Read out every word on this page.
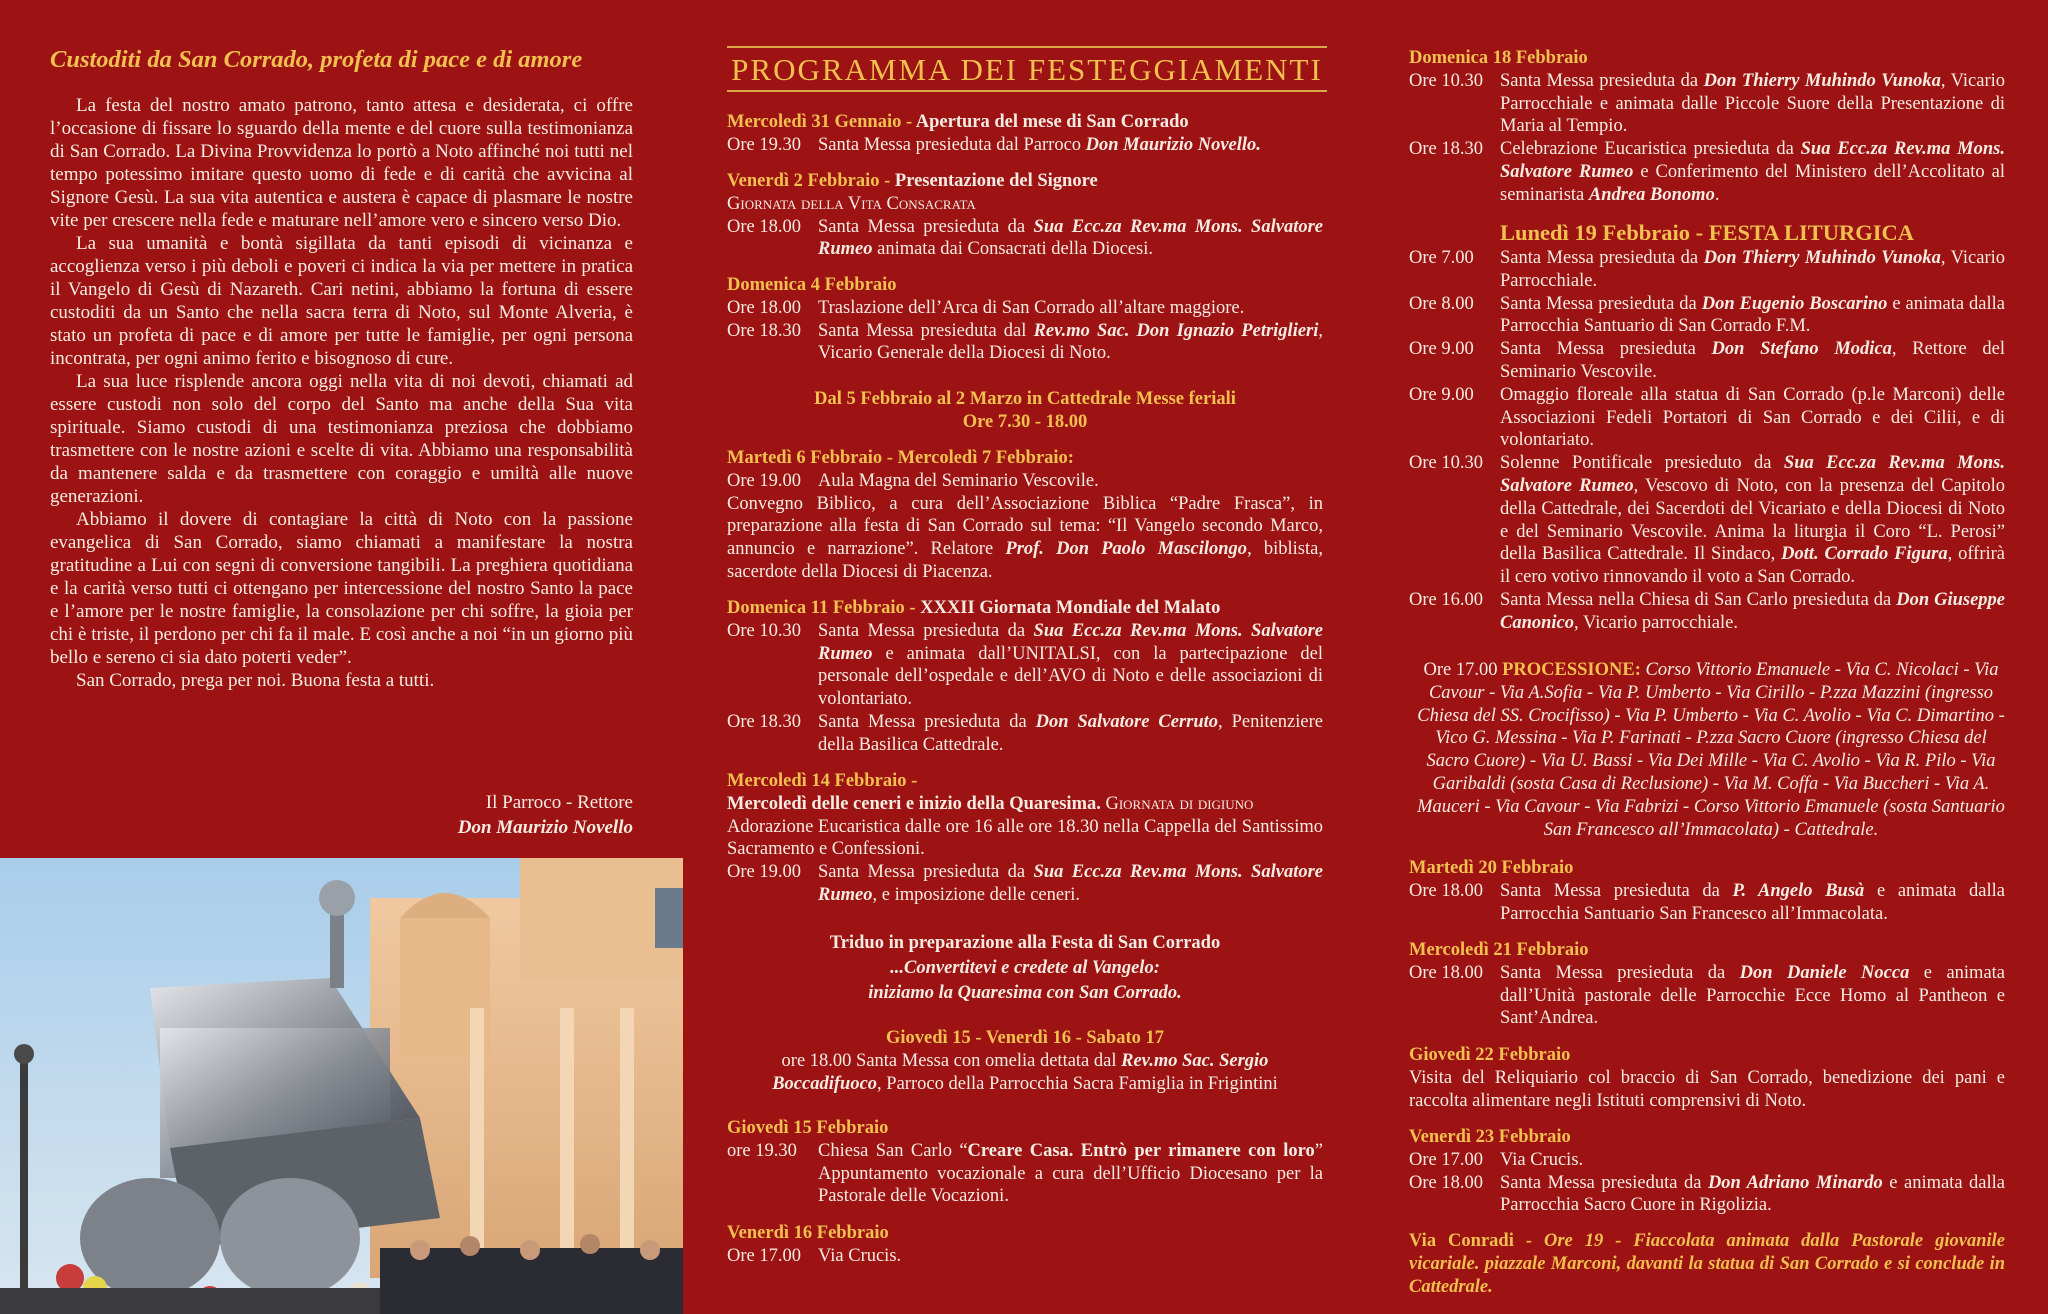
Custoditi da San Corrado, profeta di pace e di amore

La festa del nostro amato patrono, tanto attesa e desiderata, ci offre l’occasione di fissare lo sguardo della mente e del cuore sulla testimonianza di San Corrado. La Divina Provvidenza lo portò a Noto affinché noi tutti nel tempo potessimo imitare questo uomo di fede e di carità che avvicina al Signore Gesù. La sua vita autentica e austera è capace di plasmare le nostre vite per crescere nella fede e maturare nell’amore vero e sincero verso Dio.

La sua umanità e bontà sigillata da tanti episodi di vicinanza e accoglienza verso i più deboli e poveri ci indica la via per mettere in pratica il Vangelo di Gesù di Nazareth. Cari netini, abbiamo la fortuna di essere custoditi da un Santo che nella sacra terra di Noto, sul Monte Alveria, è stato un profeta di pace e di amore per tutte le famiglie, per ogni persona incontrata, per ogni animo ferito e bisognoso di cure.

La sua luce risplende ancora oggi nella vita di noi devoti, chiamati ad essere custodi non solo del corpo del Santo ma anche della Sua vita spirituale. Siamo custodi di una testimonianza preziosa che dobbiamo trasmettere con le nostre azioni e scelte di vita. Abbiamo una responsabilità da mantenere salda e da trasmettere con coraggio e umiltà alle nuove generazioni.

Abbiamo il dovere di contagiare la città di Noto con la passione evangelica di San Corrado, siamo chiamati a manifestare la nostra gratitudine a Lui con segni di conversione tangibili. La preghiera quotidiana e la carità verso tutti ci ottengano per intercessione del nostro Santo la pace e l’amore per le nostre famiglie, la consolazione per chi soffre, la gioia per chi è triste, il perdono per chi fa il male. E così anche a noi “in un giorno più bello e sereno ci sia dato poterti veder”.

San Corrado, prega per noi. Buona festa a tutti.

Il Parroco - Rettore
Don Maurizio Novello
PROGRAMMA DEI FESTEGGIAMENTI
Mercoledì 31 Gennaio - Apertura del mese di San Corrado
Ore 19.30 Santa Messa presieduta dal Parroco Don Maurizio Novello.
Venerdì 2 Febbraio - Presentazione del Signore
Giornata della Vita Consacrata
Ore 18.00 Santa Messa presieduta da Sua Ecc.za Rev.ma Mons. Salvatore Rumeo animata dai Consacrati della Diocesi.
Domenica 4 Febbraio
Ore 18.00 Traslazione dell’Arca di San Corrado all’altare maggiore.
Ore 18.30 Santa Messa presieduta dal Rev.mo Sac. Don Ignazio Petriglieri, Vicario Generale della Diocesi di Noto.
Dal 5 Febbraio al 2 Marzo in Cattedrale Messe feriali
Ore 7.30 - 18.00
Martedì 6 Febbraio - Mercoledì 7 Febbraio:
Ore 19.00 Aula Magna del Seminario Vescovile.
Convegno Biblico, a cura dell’Associazione Biblica “Padre Frasca”, in preparazione alla festa di San Corrado sul tema: “Il Vangelo secondo Marco, annuncio e narrazione”. Relatore Prof. Don Paolo Mascilongo, biblista, sacerdote della Diocesi di Piacenza.
Domenica 11 Febbraio - XXXII Giornata Mondiale del Malato
Ore 10.30 Santa Messa presieduta da Sua Ecc.za Rev.ma Mons. Salvatore Rumeo e animata dall’UNITALSI, con la partecipazione del personale dell’ospedale e dell’AVO di Noto e delle associazioni di volontariato.
Ore 18.30 Santa Messa presieduta da Don Salvatore Cerruto, Penitenziere della Basilica Cattedrale.
Mercoledì 14 Febbraio -
Mercoledì delle ceneri e inizio della Quaresima. Giornata di digiuno
Adorazione Eucaristica dalle ore 16 alle ore 18.30 nella Cappella del Santissimo Sacramento e Confessioni.
Ore 19.00 Santa Messa presieduta da Sua Ecc.za Rev.ma Mons. Salvatore Rumeo, e imposizione delle ceneri.
Triduo in preparazione alla Festa di San Corrado
...Convertitevi e credete al Vangelo:
iniziamo la Quaresima con San Corrado.
Giovedì 15 - Venerdì 16 - Sabato 17
ore 18.00 Santa Messa con omelia dettata dal Rev.mo Sac. Sergio Boccadifuoco, Parroco della Parrocchia Sacra Famiglia in Frigintini
Giovedì 15 Febbraio
ore 19.30	Chiesa San Carlo “Creare Casa. Entrò per rimanere con loro” Appuntamento vocazionale a cura dell’Ufficio Diocesano per la Pastorale delle Vocazioni.
Venerdì 16 Febbraio
Ore 17.00 Via Crucis.
Domenica 18 Febbraio
Ore 10.30 Santa Messa presieduta da Don Thierry Muhindo Vunoka, Vicario Parrocchiale e animata dalle Piccole Suore della Presentazione di Maria al Tempio.
Ore 18.30 Celebrazione Eucaristica presieduta da Sua Ecc.za Rev.ma Mons. Salvatore Rumeo e Conferimento del Ministero dell’Accolitato al seminarista Andrea Bonomo.
Lunedì 19 Febbraio - FESTA LITURGICA
Ore 7.00	Santa Messa presieduta da Don Thierry Muhindo Vunoka, Vicario Parrocchiale.
Ore 8.00	Santa Messa presieduta da Don Eugenio Boscarino e animata dalla Parrocchia Santuario di San Corrado F.M.
Ore 9.00	Santa Messa presieduta Don Stefano Modica, Rettore del Seminario Vescovile.
Ore 9.00	Omaggio floreale alla statua di San Corrado (p.le Marconi) delle Associazioni Fedeli Portatori di San Corrado e dei Cilii, e di volontariato.
Ore 10.30 Solenne Pontificale presieduto da Sua Ecc.za Rev.ma Mons. Salvatore Rumeo, Vescovo di Noto, con la presenza del Capitolo della Cattedrale, dei Sacerdoti del Vicariato e della Diocesi di Noto e del Seminario Vescovile. Anima la liturgia il Coro “L. Perosi” della Basilica Cattedrale. Il Sindaco, Dott. Corrado Figura, offrirà il cero votivo rinnovando il voto a San Corrado.
Ore 16.00 Santa Messa nella Chiesa di San Carlo presieduta da Don Giuseppe Canonico, Vicario parrocchiale.
Ore 17.00 PROCESSIONE: Corso Vittorio Emanuele - Via C. Nicolaci - Via Cavour - Via A.Sofia - Via P. Umberto - Via Cirillo - P.zza Mazzini (ingresso Chiesa del SS. Crocifisso) - Via P. Umberto - Via C. Avolio - Via C. Dimartino - Vico G. Messina - Via P. Farinati - P.zza Sacro Cuore (ingresso Chiesa del Sacro Cuore) - Via U. Bassi - Via Dei Mille - Via C. Avolio - Via R. Pilo - Via Garibaldi (sosta Casa di Reclusione) - Via M. Coffa - Via Buccheri - Via A. Mauceri - Via Cavour - Via Fabrizi - Corso Vittorio Emanuele (sosta Santuario San Francesco all’Immacolata) - Cattedrale.
Martedì 20 Febbraio
Ore 18.00 Santa Messa presieduta da P. Angelo Busà e animata dalla Parrocchia Santuario San Francesco all’Immacolata.
Mercoledì 21 Febbraio
Ore 18.00 Santa Messa presieduta da Don Daniele Nocca e animata dall’Unità pastorale delle Parrocchie Ecce Homo al Pantheon e Sant’Andrea.
Giovedì 22 Febbraio
Visita del Reliquiario col braccio di San Corrado, benedizione dei pani e raccolta alimentare negli Istituti comprensivi di Noto.
Venerdì 23 Febbraio
Ore 17.00 Via Crucis.
Ore 18.00 Santa Messa presieduta da Don Adriano Minardo e animata dalla Parrocchia Sacro Cuore in Rigolizia.
Via Conradi - Ore 19 - Fiaccolata animata dalla Pastorale giovanile vicariale. piazzale Marconi, davanti la statua di San Corrado e si conclude in Cattedrale.
